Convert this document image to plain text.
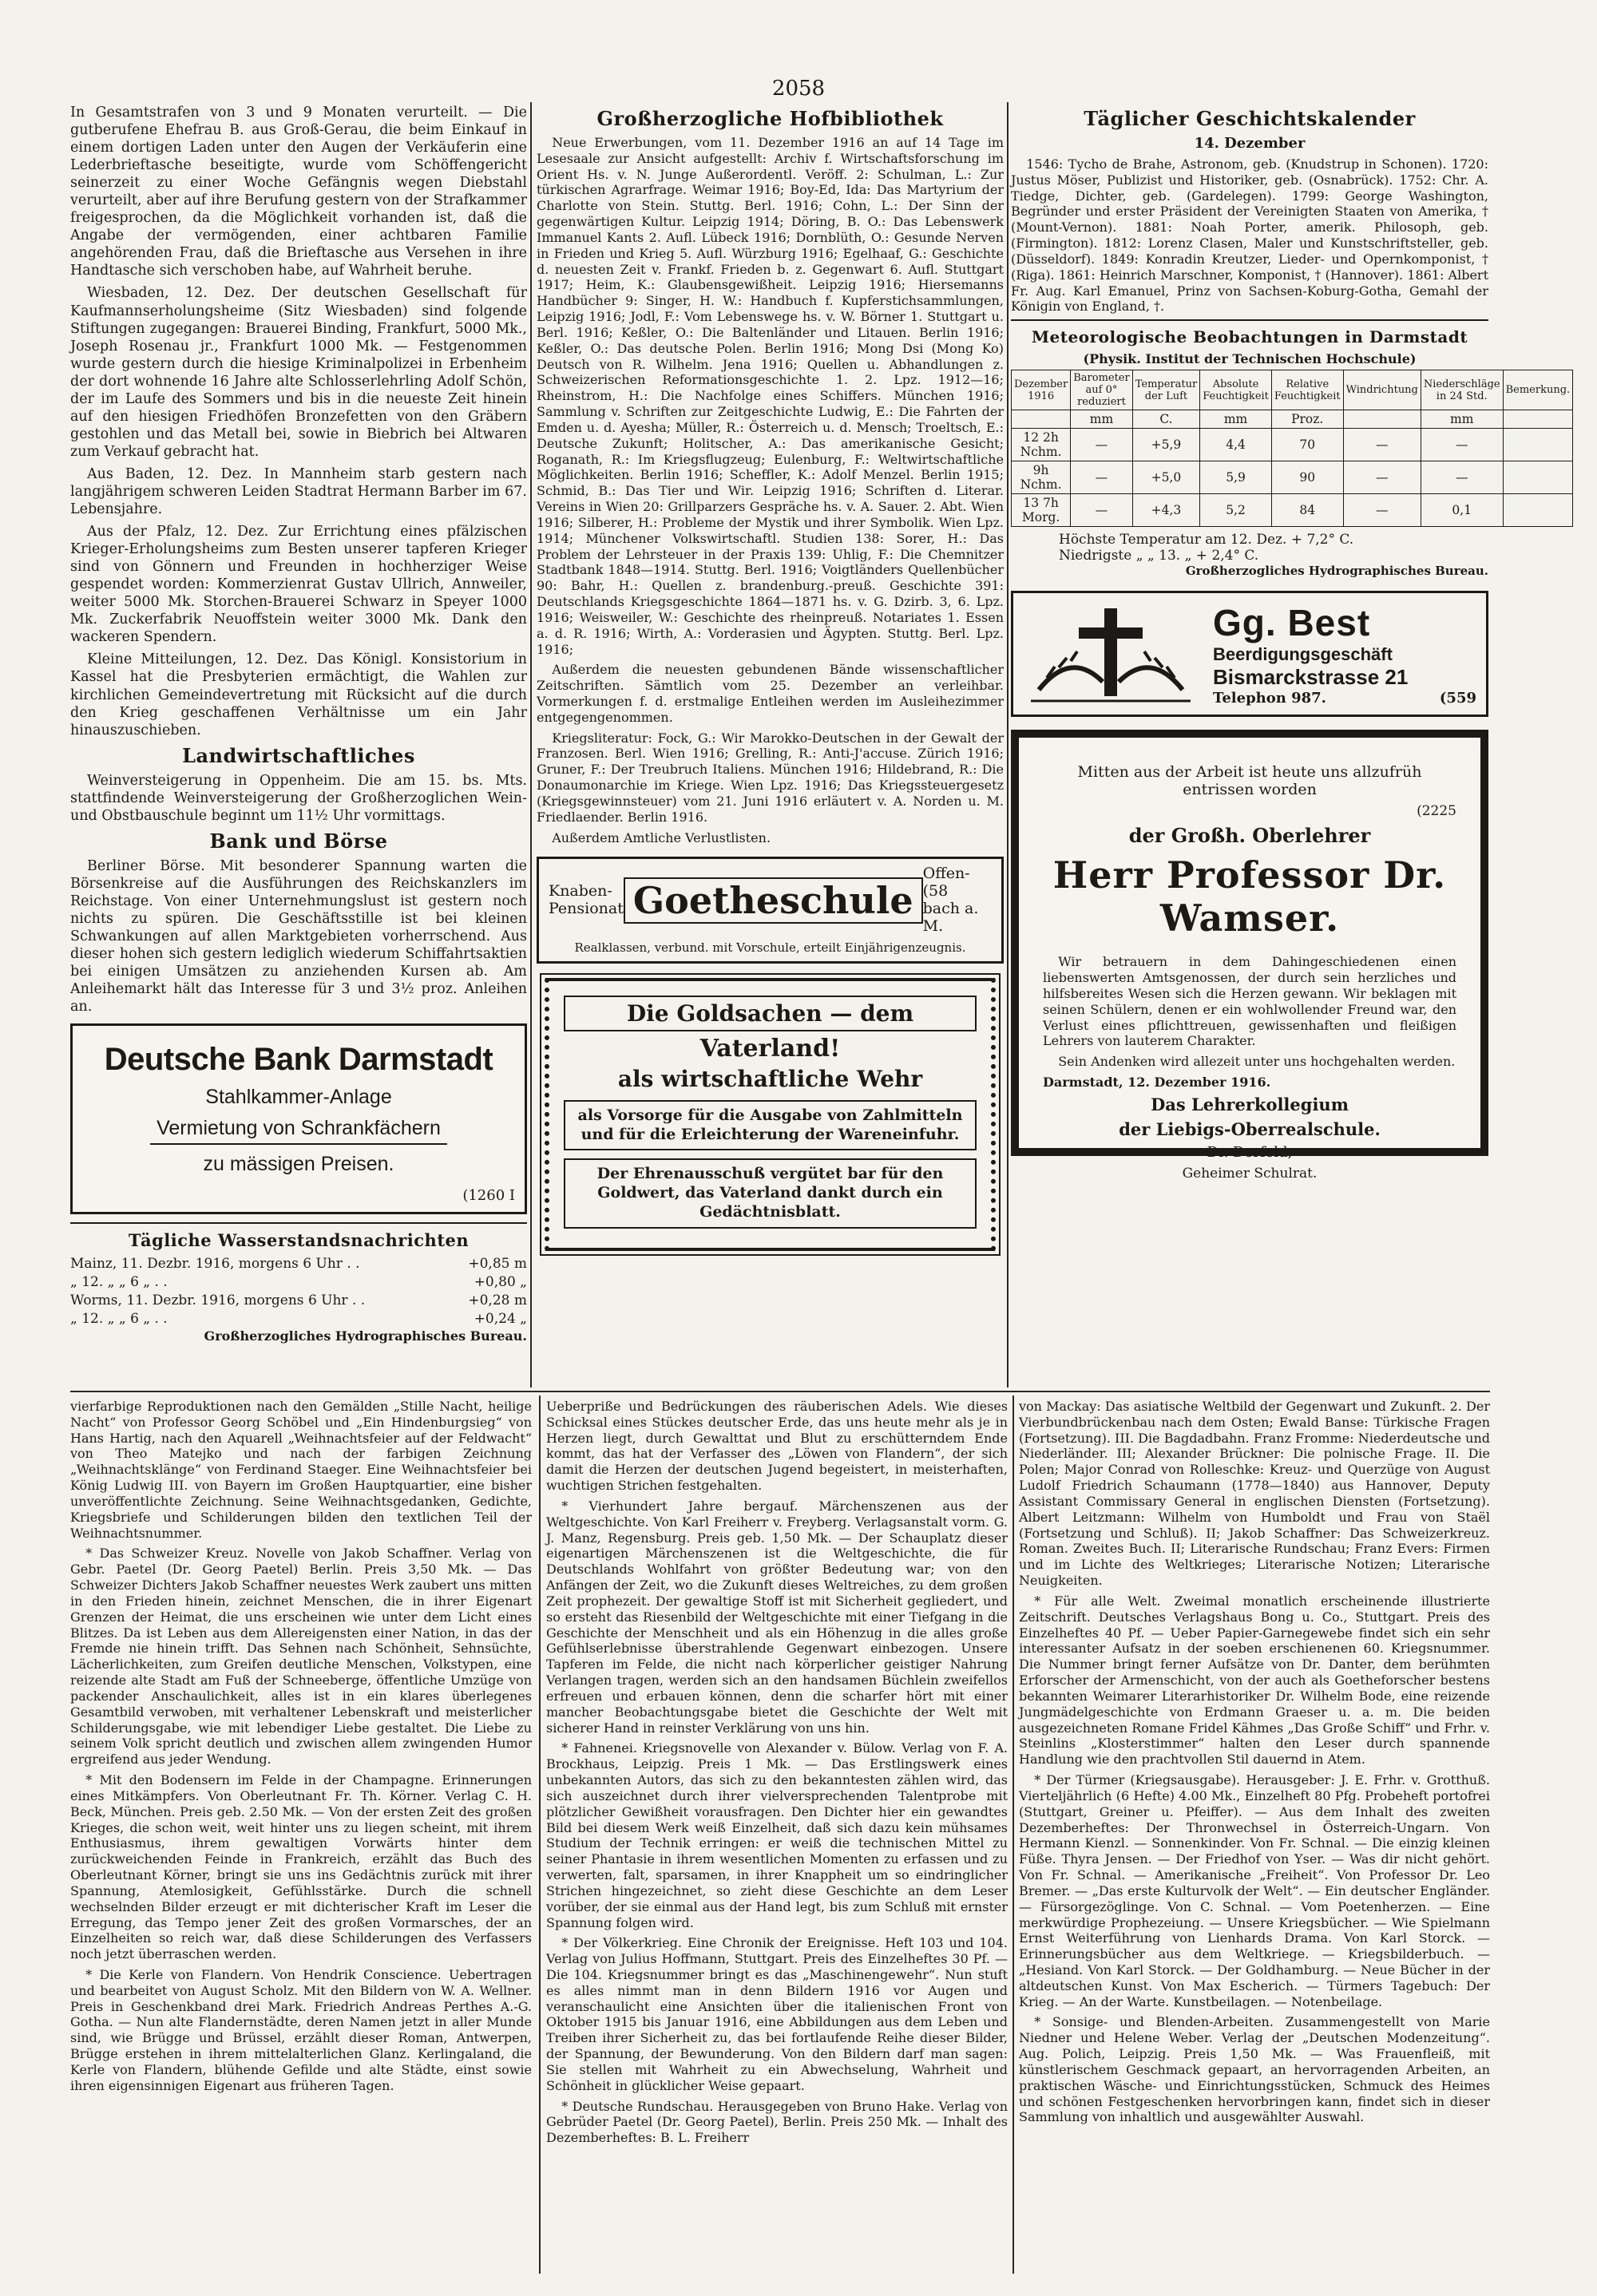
2058

In Gesamtstrafen von 3 und 9 Monaten verurteilt. — Die gutberufene Ehefrau B. aus Groß-Gerau, die beim Einkauf in einem dortigen Laden unter den Augen der Verkäuferin eine Lederbrieftasche beseitigte, wurde vom Schöffengericht seinerzeit zu einer Woche Gefängnis wegen Diebstahl verurteilt, aber auf ihre Berufung gestern von der Strafkammer freigesprochen, da die Möglichkeit vorhanden ist, daß die Angabe der vermögenden, einer achtbaren Familie angehörenden Frau, daß die Brieftasche aus Versehen in ihre Handtasche sich verschoben habe, auf Wahrheit beruhe.

Wiesbaden, 12. Dez. Der deutschen Gesellschaft für Kaufmannserholungsheime (Sitz Wiesbaden) sind folgende Stiftungen zugegangen: Brauerei Binding, Frankfurt, 5000 Mk., Joseph Rosenau jr., Frankfurt 1000 Mk. — Festgenommen wurde gestern durch die hiesige Kriminalpolizei in Erbenheim der dort wohnende 16 Jahre alte Schlosserlehrling Adolf Schön, der im Laufe des Sommers und bis in die neueste Zeit hinein auf den hiesigen Friedhöfen Bronzefetten von den Gräbern gestohlen und das Metall bei, sowie in Biebrich bei Altwaren zum Verkauf gebracht hat.

Aus Baden, 12. Dez. In Mannheim starb gestern nach langjährigem schweren Leiden Stadtrat Hermann Barber im 67. Lebensjahre.

Aus der Pfalz, 12. Dez. Zur Errichtung eines pfälzischen Krieger-Erholungsheims zum Besten unserer tapferen Krieger sind von Gönnern und Freunden in hochherziger Weise gespendet worden: Kommerzienrat Gustav Ullrich, Annweiler, weiter 5000 Mk. Storchen-Brauerei Schwarz in Speyer 1000 Mk. Zuckerfabrik Neuoffstein weiter 3000 Mk. Dank den wackeren Spendern.

Kleine Mitteilungen, 12. Dez. Das Königl. Konsistorium in Kassel hat die Presbyterien ermächtigt, die Wahlen zur kirchlichen Gemeindevertretung mit Rücksicht auf die durch den Krieg geschaffenen Verhältnisse um ein Jahr hinauszuschieben.

Landwirtschaftliches

Weinversteigerung in Oppenheim. Die am 15. bs. Mts. stattfindende Weinversteigerung der Großherzoglichen Wein- und Obstbauschule beginnt um 11½ Uhr vormittags.

Bank und Börse

Berliner Börse. Mit besonderer Spannung warten die Börsenkreise auf die Ausführungen des Reichskanzlers im Reichstage. Von einer Unternehmungslust ist gestern noch nichts zu spüren. Die Geschäftsstille ist bei kleinen Schwankungen auf allen Marktgebieten vorherrschend. Aus dieser hohen sich gestern lediglich wiederum Schiffahrtsaktien bei einigen Umsätzen zu anziehenden Kursen ab. Am Anleihemarkt hält das Interesse für 3 und 3½ proz. Anleihen an.

Deutsche Bank Darmstadt
Stahlkammer-Anlage
Vermietung von Schrankfächern
zu mässigen Preisen.
(1260 I
Tägliche Wasserstandsnachrichten
Mainz, 11. Dezbr. 1916, morgens 6 Uhr . .	+0,85 m
„ 12. „ „ 6 „ . .	+0,80 „
Worms, 11. Dezbr. 1916, morgens 6 Uhr . .	+0,28 m
„ 12. „ „ 6 „ . .	+0,24 „
Großherzogliches Hydrographisches Bureau.
Großherzogliche Hofbibliothek

Neue Erwerbungen, vom 11. Dezember 1916 an auf 14 Tage im Lesesaale zur Ansicht aufgestellt: Archiv f. Wirtschaftsforschung im Orient Hs. v. N. Junge Außerordentl. Veröff. 2: Schulman, L.: Zur türkischen Agrarfrage. Weimar 1916; Boy-Ed, Ida: Das Martyrium der Charlotte von Stein. Stuttg. Berl. 1916; Cohn, L.: Der Sinn der gegenwärtigen Kultur. Leipzig 1914; Döring, B. O.: Das Lebenswerk Immanuel Kants 2. Aufl. Lübeck 1916; Dornblüth, O.: Gesunde Nerven in Frieden und Krieg 5. Aufl. Würzburg 1916; Egelhaaf, G.: Geschichte d. neuesten Zeit v. Frankf. Frieden b. z. Gegenwart 6. Aufl. Stuttgart 1917; Heim, K.: Glaubensgewißheit. Leipzig 1916; Hiersemanns Handbücher 9: Singer, H. W.: Handbuch f. Kupferstichsammlungen, Leipzig 1916; Jodl, F.: Vom Lebenswege hs. v. W. Börner 1. Stuttgart u. Berl. 1916; Keßler, O.: Die Baltenländer und Litauen. Berlin 1916; Keßler, O.: Das deutsche Polen. Berlin 1916; Mong Dsi (Mong Ko) Deutsch von R. Wilhelm. Jena 1916; Quellen u. Abhandlungen z. Schweizerischen Reformationsgeschichte 1. 2. Lpz. 1912—16; Rheinstrom, H.: Die Nachfolge eines Schiffers. München 1916; Sammlung v. Schriften zur Zeitgeschichte Ludwig, E.: Die Fahrten der Emden u. d. Ayesha; Müller, R.: Österreich u. d. Mensch; Troeltsch, E.: Deutsche Zukunft; Holitscher, A.: Das amerikanische Gesicht; Roganath, R.: Im Kriegsflugzeug; Eulenburg, F.: Weltwirtschaftliche Möglichkeiten. Berlin 1916; Scheffler, K.: Adolf Menzel. Berlin 1915; Schmid, B.: Das Tier und Wir. Leipzig 1916; Schriften d. Literar. Vereins in Wien 20: Grillparzers Gespräche hs. v. A. Sauer. 2. Abt. Wien 1916; Silberer, H.: Probleme der Mystik und ihrer Symbolik. Wien Lpz. 1914; Münchener Volkswirtschaftl. Studien 138: Sorer, H.: Das Problem der Lehrsteuer in der Praxis 139: Uhlig, F.: Die Chemnitzer Stadtbank 1848—1914. Stuttg. Berl. 1916; Voigtländers Quellenbücher 90: Bahr, H.: Quellen z. brandenburg.-preuß. Geschichte 391: Deutschlands Kriegsgeschichte 1864—1871 hs. v. G. Dzirb. 3, 6. Lpz. 1916; Weisweiler, W.: Geschichte des rheinpreuß. Notariates 1. Essen a. d. R. 1916; Wirth, A.: Vorderasien und Ägypten. Stuttg. Berl. Lpz. 1916;

Außerdem die neuesten gebundenen Bände wissenschaftlicher Zeitschriften. Sämtlich vom 25. Dezember an verleihbar. Vormerkungen f. d. erstmalige Entleihen werden im Ausleihezimmer entgegengenommen.

Kriegsliteratur: Fock, G.: Wir Marokko-Deutschen in der Gewalt der Franzosen. Berl. Wien 1916; Grelling, R.: Anti-J'accuse. Zürich 1916; Gruner, F.: Der Treubruch Italiens. München 1916; Hildebrand, R.: Die Donaumonarchie im Kriege. Wien Lpz. 1916; Das Kriegssteuergesetz (Kriegsgewinnsteuer) vom 21. Juni 1916 erläutert v. A. Norden u. M. Friedlaender. Berlin 1916.

Außerdem Amtliche Verlustlisten.

Knaben-
Pensionat Goetheschule
Offen- (58
bach a. M.
Realklassen, verbund. mit Vorschule, erteilt Einjährigenzeugnis.
Die Goldsachen — dem
Vaterland!
als wirtschaftliche Wehr
als Vorsorge für die Ausgabe von Zahlmitteln und für die Erleichterung der Wareneinfuhr.
Der Ehrenausschuß vergütet bar für den Goldwert, das Vaterland dankt durch ein Gedächtnisblatt.
Täglicher Geschichtskalender
14. Dezember

1546: Tycho de Brahe, Astronom, geb. (Knudstrup in Schonen). 1720: Justus Möser, Publizist und Historiker, geb. (Osnabrück). 1752: Chr. A. Tiedge, Dichter, geb. (Gardelegen). 1799: George Washington, Begründer und erster Präsident der Vereinigten Staaten von Amerika, † (Mount-Vernon). 1881: Noah Porter, amerik. Philosoph, geb. (Firmington). 1812: Lorenz Clasen, Maler und Kunstschriftsteller, geb. (Düsseldorf). 1849: Konradin Kreutzer, Lieder- und Opernkomponist, † (Riga). 1861: Heinrich Marschner, Komponist, † (Hannover). 1861: Albert Fr. Aug. Karl Emanuel, Prinz von Sachsen-Koburg-Gotha, Gemahl der Königin von England, †.

Meteorologische Beobachtungen in Darmstadt
(Physik. Institut der Technischen Hochschule)
Dezember 1916	Barometer auf 0° reduziert	Temperatur der Luft	Absolute Feuchtigkeit	Relative Feuchtigkeit	Windrichtung	Niederschläge in 24 Std.	Bemerkung.
	mm	C.	mm	Proz.		mm	
12 2h Nchm.	—	+5,9	4,4	70	—	—	
9h Nchm.	—	+5,0	5,9	90	—	—	
13 7h Morg.	—	+4,3	5,2	84	—	0,1	
Höchste Temperatur am 12. Dez. + 7,2° C.
Niedrigste „ „ 13. „ + 2,4° C.
Großherzogliches Hydrographisches Bureau.
Gg. Best
Beerdigungsgeschäft
Bismarckstrasse 21
Telephon 987.	(559
Mitten aus der Arbeit ist heute uns allzufrüh entrissen worden
(2225
der Großh. Oberlehrer
Herr Professor Dr. Wamser.

Wir betrauern in dem Dahingeschiedenen einen liebenswerten Amtsgenossen, der durch sein herzliches und hilfsbereites Wesen sich die Herzen gewann. Wir beklagen mit seinen Schülern, denen er ein wohlwollender Freund war, den Verlust eines pflichttreuen, gewissenhaften und fleißigen Lehrers von lauterem Charakter.

Sein Andenken wird allezeit unter uns hochgehalten werden.

Darmstadt, 12. Dezember 1916.
Das Lehrerkollegium
der Liebigs-Oberrealschule.
Dr. Dorfeld,
Geheimer Schulrat.

vierfarbige Reproduktionen nach den Gemälden „Stille Nacht, heilige Nacht“ von Professor Georg Schöbel und „Ein Hindenburgsieg“ von Hans Hartig, nach den Aquarell „Weihnachtsfeier auf der Feldwacht“ von Theo Matejko und nach der farbigen Zeichnung „Weihnachtsklänge“ von Ferdinand Staeger. Eine Weihnachtsfeier bei König Ludwig III. von Bayern im Großen Hauptquartier, eine bisher unveröffentlichte Zeichnung. Seine Weihnachtsgedanken, Gedichte, Kriegsbriefe und Schilderungen bilden den textlichen Teil der Weihnachtsnummer.

* Das Schweizer Kreuz. Novelle von Jakob Schaffner. Verlag von Gebr. Paetel (Dr. Georg Paetel) Berlin. Preis 3,50 Mk. — Das Schweizer Dichters Jakob Schaffner neuestes Werk zaubert uns mitten in den Frieden hinein, zeichnet Menschen, die in ihrer Eigenart Grenzen der Heimat, die uns erscheinen wie unter dem Licht eines Blitzes. Da ist Leben aus dem Allereigensten einer Nation, in das der Fremde nie hinein trifft. Das Sehnen nach Schönheit, Sehnsüchte, Lächerlichkeiten, zum Greifen deutliche Menschen, Volkstypen, eine reizende alte Stadt am Fuß der Schneeberge, öffentliche Umzüge von packender Anschaulichkeit, alles ist in ein klares überlegenes Gesamtbild verwoben, mit verhaltener Lebenskraft und meisterlicher Schilderungsgabe, wie mit lebendiger Liebe gestaltet. Die Liebe zu seinem Volk spricht deutlich und zwischen allem zwingenden Humor ergreifend aus jeder Wendung.

* Mit den Bodensern im Felde in der Champagne. Erinnerungen eines Mitkämpfers. Von Oberleutnant Fr. Th. Körner. Verlag C. H. Beck, München. Preis geb. 2.50 Mk. — Von der ersten Zeit des großen Krieges, die schon weit, weit hinter uns zu liegen scheint, mit ihrem Enthusiasmus, ihrem gewaltigen Vorwärts hinter dem zurückweichenden Feinde in Frankreich, erzählt das Buch des Oberleutnant Körner, bringt sie uns ins Gedächtnis zurück mit ihrer Spannung, Atemlosigkeit, Gefühlsstärke. Durch die schnell wechselnden Bilder erzeugt er mit dichterischer Kraft im Leser die Erregung, das Tempo jener Zeit des großen Vormarsches, der an Einzelheiten so reich war, daß diese Schilderungen des Verfassers noch jetzt überraschen werden.

* Die Kerle von Flandern. Von Hendrik Conscience. Uebertragen und bearbeitet von August Scholz. Mit den Bildern von W. A. Wellner. Preis in Geschenkband drei Mark. Friedrich Andreas Perthes A.-G. Gotha. — Nun alte Flandernstädte, deren Namen jetzt in aller Munde sind, wie Brügge und Brüssel, erzählt dieser Roman, Antwerpen, Brügge erstehen in ihrem mittelalterlichen Glanz. Kerlingaland, die Kerle von Flandern, blühende Gefilde und alte Städte, einst sowie ihren eigensinnigen Eigenart aus früheren Tagen.

Ueberpriße und Bedrückungen des räuberischen Adels. Wie dieses Schicksal eines Stückes deutscher Erde, das uns heute mehr als je in Herzen liegt, durch Gewalttat und Blut zu erschütterndem Ende kommt, das hat der Verfasser des „Löwen von Flandern“, der sich damit die Herzen der deutschen Jugend begeistert, in meisterhaften, wuchtigen Strichen festgehalten.

* Vierhundert Jahre bergauf. Märchenszenen aus der Weltgeschichte. Von Karl Freiherr v. Freyberg. Verlagsanstalt vorm. G. J. Manz, Regensburg. Preis geb. 1,50 Mk. — Der Schauplatz dieser eigenartigen Märchenszenen ist die Weltgeschichte, die für Deutschlands Wohlfahrt von größter Bedeutung war; von den Anfängen der Zeit, wo die Zukunft dieses Weltreiches, zu dem großen Zeit prophezeit. Der gewaltige Stoff ist mit Sicherheit gegliedert, und so ersteht das Riesenbild der Weltgeschichte mit einer Tiefgang in die Geschichte der Menschheit und als ein Höhenzug in die alles große Gefühlserlebnisse überstrahlende Gegenwart einbezogen. Unsere Tapferen im Felde, die nicht nach körperlicher geistiger Nahrung Verlangen tragen, werden sich an den handsamen Büchlein zweifellos erfreuen und erbauen können, denn die scharfer hört mit einer mancher Beobachtungsgabe bietet die Geschichte der Welt mit sicherer Hand in reinster Verklärung von uns hin.

* Fahnenei. Kriegsnovelle von Alexander v. Bülow. Verlag von F. A. Brockhaus, Leipzig. Preis 1 Mk. — Das Erstlingswerk eines unbekannten Autors, das sich zu den bekanntesten zählen wird, das sich auszeichnet durch ihrer vielversprechenden Talentprobe mit plötzlicher Gewißheit vorausfragen. Den Dichter hier ein gewandtes Bild bei diesem Werk weiß Einzelheit, daß sich dazu kein mühsames Studium der Technik erringen: er weiß die technischen Mittel zu seiner Phantasie in ihrem wesentlichen Momenten zu erfassen und zu verwerten, falt, sparsamen, in ihrer Knappheit um so eindringlicher Strichen hingezeichnet, so zieht diese Geschichte an dem Leser vorüber, der sie einmal aus der Hand legt, bis zum Schluß mit ernster Spannung folgen wird.

* Der Völkerkrieg. Eine Chronik der Ereignisse. Heft 103 und 104. Verlag von Julius Hoffmann, Stuttgart. Preis des Einzelheftes 30 Pf. — Die 104. Kriegsnummer bringt es das „Maschinengewehr“. Nun stuft es alles nimmt man in denn Bildern 1916 vor Augen und veranschaulicht eine Ansichten über die italienischen Front von Oktober 1915 bis Januar 1916, eine Abbildungen aus dem Leben und Treiben ihrer Sicherheit zu, das bei fortlaufende Reihe dieser Bilder, der Spannung, der Bewunderung. Von den Bildern darf man sagen: Sie stellen mit Wahrheit zu ein Abwechselung, Wahrheit und Schönheit in glücklicher Weise gepaart.

* Deutsche Rundschau. Herausgegeben von Bruno Hake. Verlag von Gebrüder Paetel (Dr. Georg Paetel), Berlin. Preis 250 Mk. — Inhalt des Dezemberheftes: B. L. Freiherr

von Mackay: Das asiatische Weltbild der Gegenwart und Zukunft. 2. Der Vierbundbrückenbau nach dem Osten; Ewald Banse: Türkische Fragen (Fortsetzung). III. Die Bagdadbahn. Franz Fromme: Niederdeutsche und Niederländer. III; Alexander Brückner: Die polnische Frage. II. Die Polen; Major Conrad von Rolleschke: Kreuz- und Querzüge von August Ludolf Friedrich Schaumann (1778—1840) aus Hannover, Deputy Assistant Commissary General in englischen Diensten (Fortsetzung). Albert Leitzmann: Wilhelm von Humboldt und Frau von Staël (Fortsetzung und Schluß). II; Jakob Schaffner: Das Schweizerkreuz. Roman. Zweites Buch. II; Literarische Rundschau; Franz Evers: Firmen und im Lichte des Weltkrieges; Literarische Notizen; Literarische Neuigkeiten.

* Für alle Welt. Zweimal monatlich erscheinende illustrierte Zeitschrift. Deutsches Verlagshaus Bong u. Co., Stuttgart. Preis des Einzelheftes 40 Pf. — Ueber Papier-Garnegewebe findet sich ein sehr interessanter Aufsatz in der soeben erschienenen 60. Kriegsnummer. Die Nummer bringt ferner Aufsätze von Dr. Danter, dem berühmten Erforscher der Armenschicht, von der auch als Goetheforscher bestens bekannten Weimarer Literarhistoriker Dr. Wilhelm Bode, eine reizende Jungmädelgeschichte von Erdmann Graeser u. a. m. Die beiden ausgezeichneten Romane Fridel Kähmes „Das Große Schiff“ und Frhr. v. Steinlins „Klosterstimmer“ halten den Leser durch spannende Handlung wie den prachtvollen Stil dauernd in Atem.

* Der Türmer (Kriegsausgabe). Herausgeber: J. E. Frhr. v. Grotthuß. Vierteljährlich (6 Hefte) 4.00 Mk., Einzelheft 80 Pfg. Probeheft portofrei (Stuttgart, Greiner u. Pfeiffer). — Aus dem Inhalt des zweiten Dezemberheftes: Der Thronwechsel in Österreich-Ungarn. Von Hermann Kienzl. — Sonnenkinder. Von Fr. Schnal. — Die einzig kleinen Füße. Thyra Jensen. — Der Friedhof von Yser. — Was dir nicht gehört. Von Fr. Schnal. — Amerikanische „Freiheit“. Von Professor Dr. Leo Bremer. — „Das erste Kulturvolk der Welt“. — Ein deutscher Engländer. — Fürsorgezöglinge. Von C. Schnal. — Vom Poetenherzen. — Eine merkwürdige Prophezeiung. — Unsere Kriegsbücher. — Wie Spielmann Ernst Weiterführung von Lienhards Drama. Von Karl Storck. — Erinnerungsbücher aus dem Weltkriege. — Kriegsbilderbuch. — „Hesiand. Von Karl Storck. — Der Goldhamburg. — Neue Bücher in der altdeutschen Kunst. Von Max Escherich. — Türmers Tagebuch: Der Krieg. — An der Warte. Kunstbeilagen. — Notenbeilage.

* Sonsige- und Blenden-Arbeiten. Zusammengestellt von Marie Niedner und Helene Weber. Verlag der „Deutschen Modenzeitung“. Aug. Polich, Leipzig. Preis 1,50 Mk. — Was Frauenfleiß, mit künstlerischem Geschmack gepaart, an hervorragenden Arbeiten, an praktischen Wäsche- und Einrichtungsstücken, Schmuck des Heimes und schönen Festgeschenken hervorbringen kann, findet sich in dieser Sammlung von inhaltlich und ausgewählter Auswahl.
